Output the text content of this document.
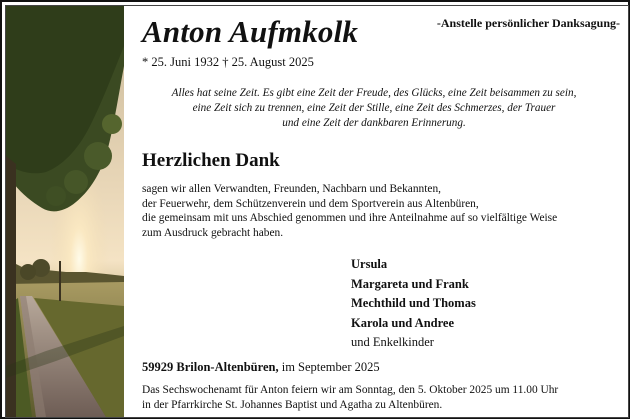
Anton Aufmkolk	-Anstelle persönlicher Danksagung-
* 25. Juni 1932 † 25. August 2025
Alles hat seine Zeit. Es gibt eine Zeit der Freude, des Glücks, eine Zeit beisammen zu sein,
eine Zeit sich zu trennen, eine Zeit der Stille, eine Zeit des Schmerzes, der Trauer
und eine Zeit der dankbaren Erinnerung.
Herzlichen Dank
sagen wir allen Verwandten, Freunden, Nachbarn und Bekannten,
der Feuerwehr, dem Schützenverein und dem Sportverein aus Altenbüren,
die gemeinsam mit uns Abschied genommen und ihre Anteilnahme auf so vielfältige Weise
zum Ausdruck gebracht haben.
Ursula
Margareta und Frank
Mechthild und Thomas
Karola und Andree
und Enkelkinder
59929 Brilon-Altenbüren, im September 2025
Das Sechswochenamt für Anton feiern wir am Sonntag, den 5. Oktober 2025 um 11.00 Uhr
in der Pfarrkirche St. Johannes Baptist und Agatha zu Altenbüren.
